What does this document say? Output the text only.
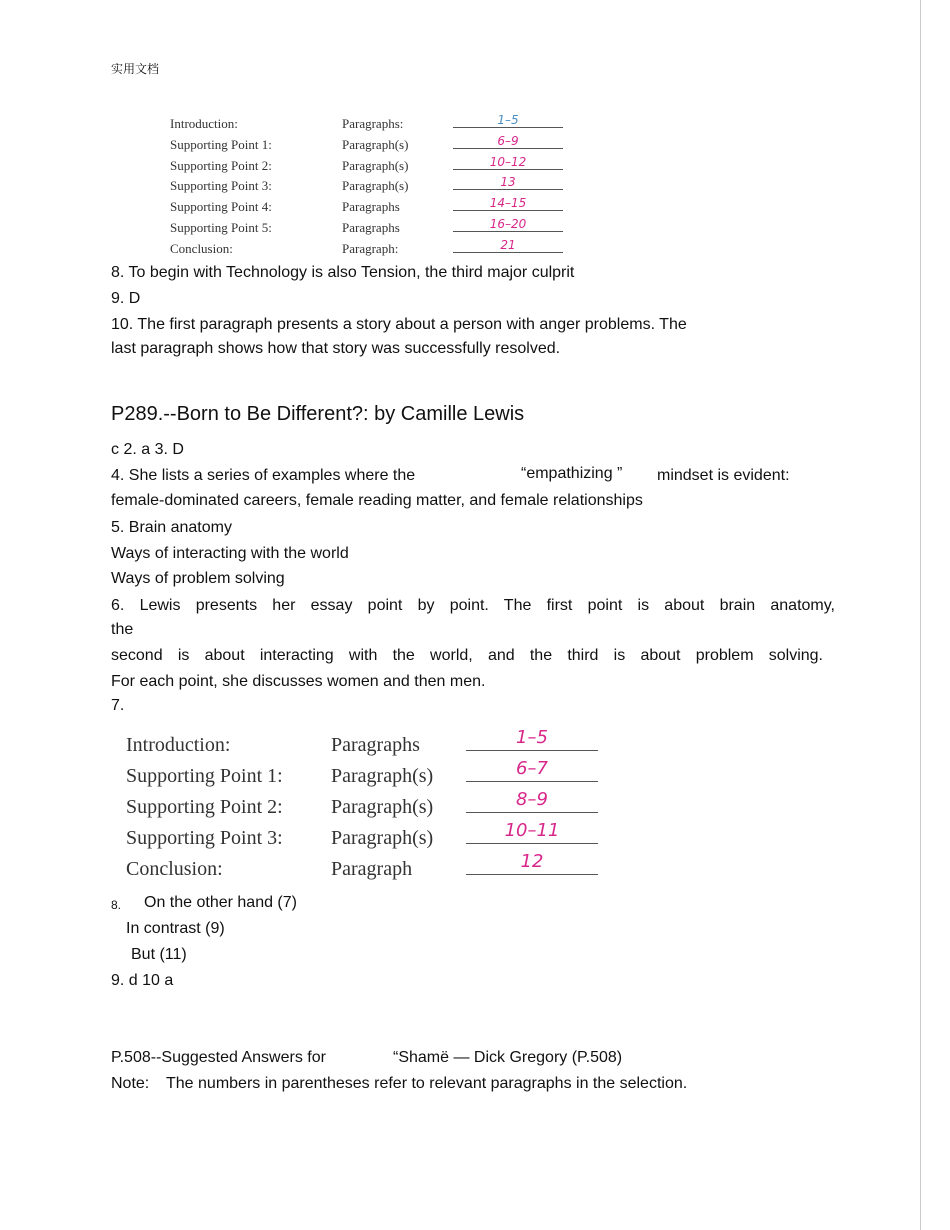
实用文档
Introduction:	Paragraphs:	1–5
Supporting Point 1:	Paragraph(s)	6–9
Supporting Point 2:	Paragraph(s)	10–12
Supporting Point 3:	Paragraph(s)	13
Supporting Point 4:	Paragraphs	14–15
Supporting Point 5:	Paragraphs	16–20
Conclusion:	Paragraph:	21
8. To begin with Technology is also Tension, the third major culprit
9. D
10. The first paragraph presents a story about a person with anger problems. The
last paragraph shows how that story was successfully resolved.
P289.--Born to Be Different?: by Camille Lewis
c 2. a 3. D
4. She lists a series of examples where the	“empathizing ” mindset is evident:
female-dominated careers, female reading matter, and female relationships
5. Brain anatomy
Ways of interacting with the world
Ways of problem solving
6. Lewis presents her essay point by point. The first point is about brain anatomy,
the
second is about interacting with the world, and the third is about problem solving.
For each point, she discusses women and then men.
7.
Introduction:	Paragraphs	1–5
Supporting Point 1: Paragraph(s)	6–7
Supporting Point 2: Paragraph(s)	8–9
Supporting Point 3: Paragraph(s)	10–11
Conclusion:	Paragraph	12
8. On the other hand (7)
In contrast (9)
But (11)
9. d 10 a
P.508--Suggested Answers for	“Shamë — Dick Gregory (P.508)
Note: The numbers in parentheses refer to relevant paragraphs in the selection.
